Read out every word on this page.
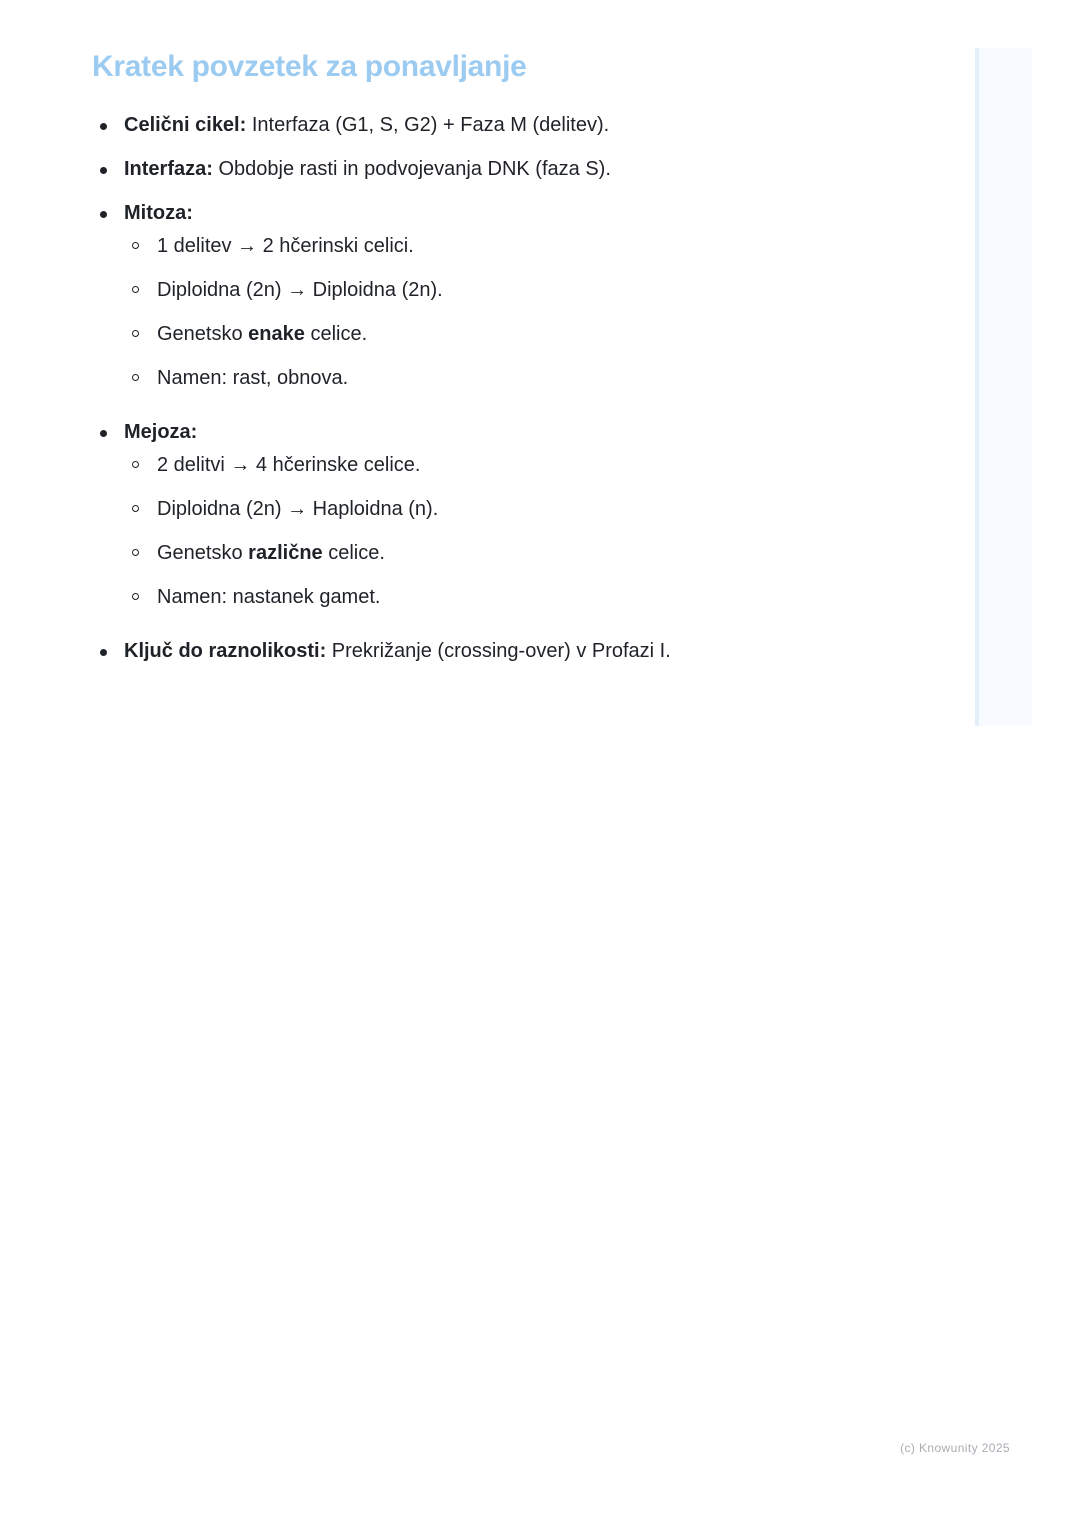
Kratek povzetek za ponavljanje
Celični cikel: Interfaza (G1, S, G2) + Faza M (delitev).
Interfaza: Obdobje rasti in podvojevanja DNK (faza S).
Mitoza:
1 delitev → 2 hčerinski celici.
Diploidna (2n) → Diploidna (2n).
Genetsko enake celice.
Namen: rast, obnova.
Mejoza:
2 delitvi → 4 hčerinske celice.
Diploidna (2n) → Haploidna (n).
Genetsko različne celice.
Namen: nastanek gamet.
Ključ do raznolikosti: Prekrižanje (crossing-over) v Profazi I.
(c) Knowunity 2025
